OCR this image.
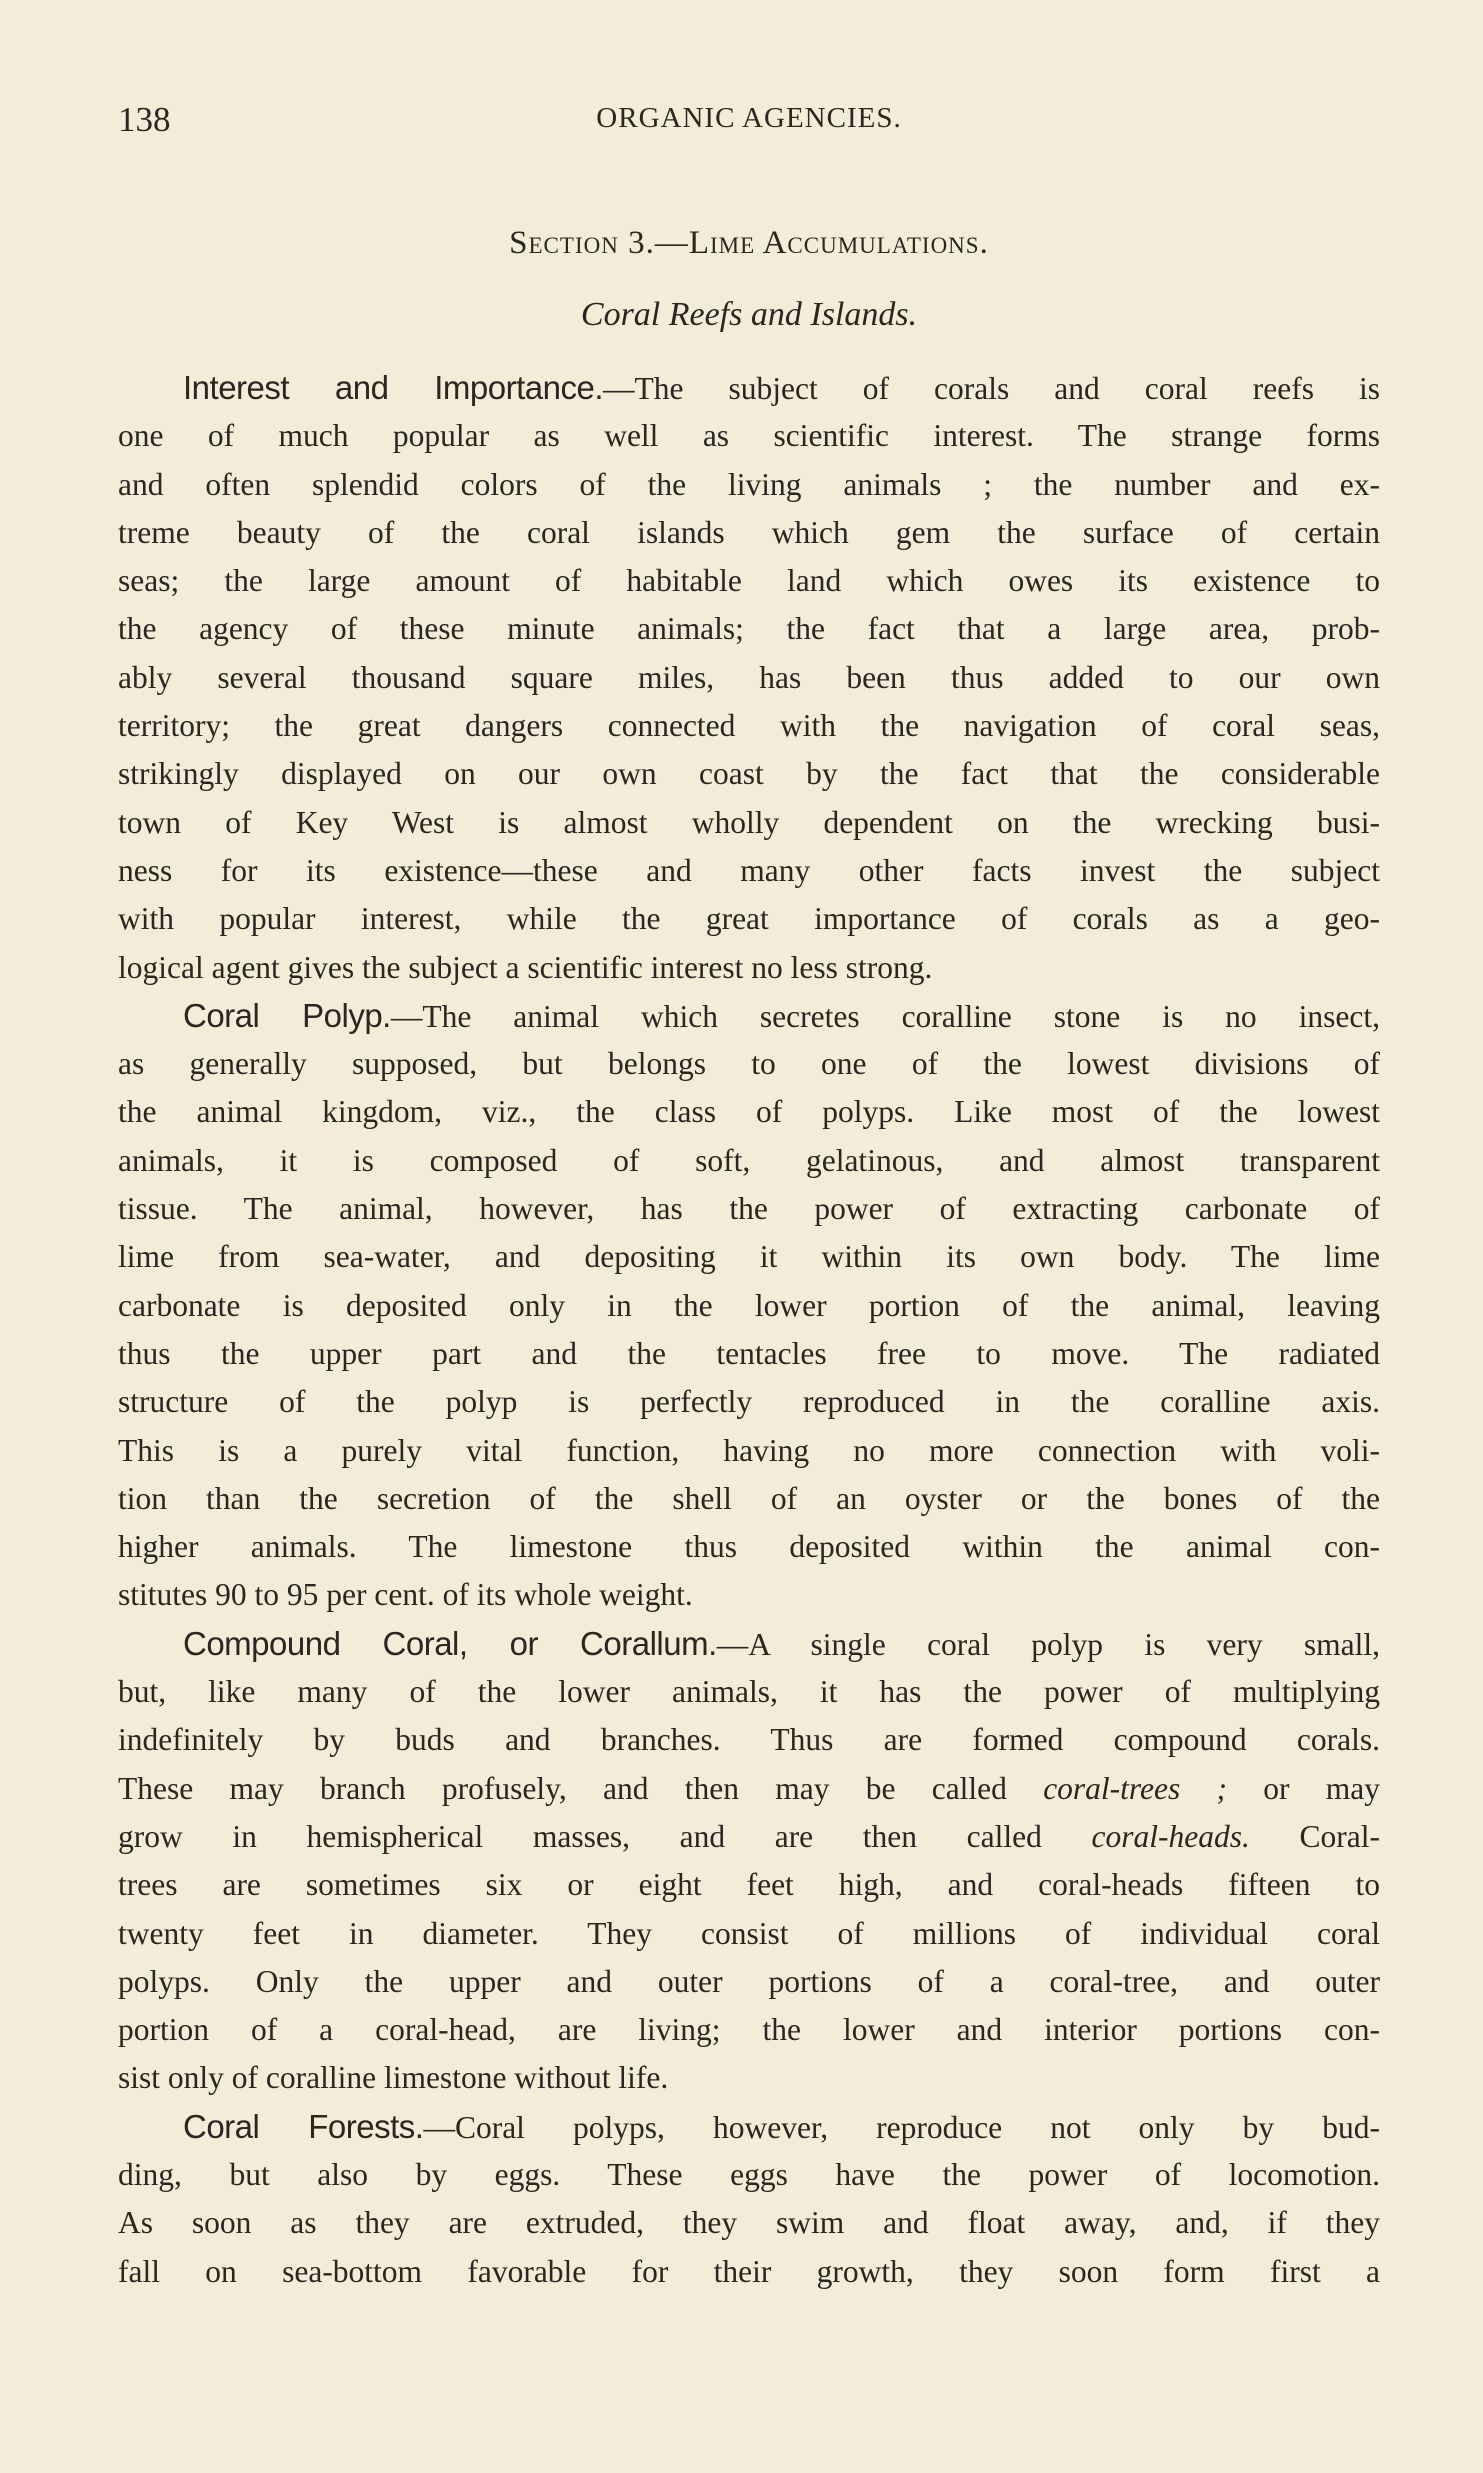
138	ORGANIC AGENCIES.
Section 3.—Lime Accumulations.
Coral Reefs and Islands.
Interest and Importance.—The subject of corals and coral reefs is
one of much popular as well as scientific interest. The strange forms
and often splendid colors of the living animals ; the number and ex-
treme beauty of the coral islands which gem the surface of certain
seas; the large amount of habitable land which owes its existence to
the agency of these minute animals; the fact that a large area, prob-
ably several thousand square miles, has been thus added to our own
territory; the great dangers connected with the navigation of coral seas,
strikingly displayed on our own coast by the fact that the considerable
town of Key West is almost wholly dependent on the wrecking busi-
ness for its existence—these and many other facts invest the subject
with popular interest, while the great importance of corals as a geo-
logical agent gives the subject a scientific interest no less strong.
Coral Polyp.—The animal which secretes coralline stone is no insect,
as generally supposed, but belongs to one of the lowest divisions of
the animal kingdom, viz., the class of polyps. Like most of the lowest
animals, it is composed of soft, gelatinous, and almost transparent
tissue. The animal, however, has the power of extracting carbonate of
lime from sea-water, and depositing it within its own body. The lime
carbonate is deposited only in the lower portion of the animal, leaving
thus the upper part and the tentacles free to move. The radiated
structure of the polyp is perfectly reproduced in the coralline axis.
This is a purely vital function, having no more connection with voli-
tion than the secretion of the shell of an oyster or the bones of the
higher animals. The limestone thus deposited within the animal con-
stitutes 90 to 95 per cent. of its whole weight.
Compound Coral, or Corallum.—A single coral polyp is very small,
but, like many of the lower animals, it has the power of multiplying
indefinitely by buds and branches. Thus are formed compound corals.
These may branch profusely, and then may be called coral-trees ; or may
grow in hemispherical masses, and are then called coral-heads. Coral-
trees are sometimes six or eight feet high, and coral-heads fifteen to
twenty feet in diameter. They consist of millions of individual coral
polyps. Only the upper and outer portions of a coral-tree, and outer
portion of a coral-head, are living; the lower and interior portions con-
sist only of coralline limestone without life.
Coral Forests.—Coral polyps, however, reproduce not only by bud-
ding, but also by eggs. These eggs have the power of locomotion.
As soon as they are extruded, they swim and float away, and, if they
fall on sea-bottom favorable for their growth, they soon form first a
